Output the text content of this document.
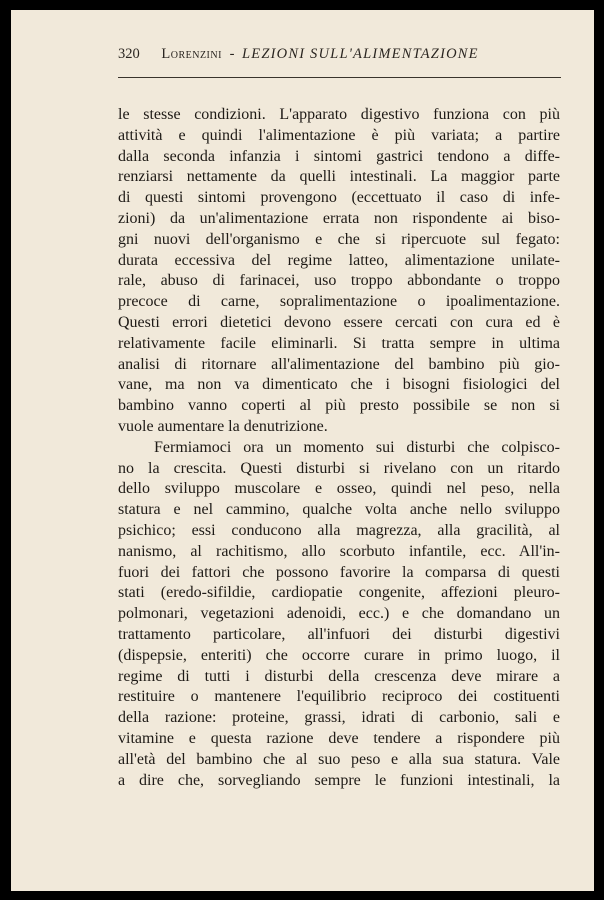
320 Lorenzini - LEZIONI SULL'ALIMENTAZIONE
le stesse condizioni. L'apparato digestivo funziona con più
attività e quindi l'alimentazione è più variata; a partire
dalla seconda infanzia i sintomi gastrici tendono a diffe-
renziarsi nettamente da quelli intestinali. La maggior parte
di questi sintomi provengono (eccettuato il caso di infe-
zioni) da un'alimentazione errata non rispondente ai biso-
gni nuovi dell'organismo e che si ripercuote sul fegato:
durata eccessiva del regime latteo, alimentazione unilate-
rale, abuso di farinacei, uso troppo abbondante o troppo
precoce di carne, sopralimentazione o ipoalimentazione.
Questi errori dietetici devono essere cercati con cura ed è
relativamente facile eliminarli. Si tratta sempre in ultima
analisi di ritornare all'alimentazione del bambino più gio-
vane, ma non va dimenticato che i bisogni fisiologici del
bambino vanno coperti al più presto possibile se non si
vuole aumentare la denutrizione.
Fermiamoci ora un momento sui disturbi che colpisco-
no la crescita. Questi disturbi si rivelano con un ritardo
dello sviluppo muscolare e osseo, quindi nel peso, nella
statura e nel cammino, qualche volta anche nello sviluppo
psichico; essi conducono alla magrezza, alla gracilità, al
nanismo, al rachitismo, allo scorbuto infantile, ecc. All'in-
fuori dei fattori che possono favorire la comparsa di questi
stati (eredo-sifildie, cardiopatie congenite, affezioni pleuro-
polmonari, vegetazioni adenoidi, ecc.) e che domandano un
trattamento particolare, all'infuori dei disturbi digestivi
(dispepsie, enteriti) che occorre curare in primo luogo, il
regime di tutti i disturbi della crescenza deve mirare a
restituire o mantenere l'equilibrio reciproco dei costituenti
della razione: proteine, grassi, idrati di carbonio, sali e
vitamine e questa razione deve tendere a rispondere più
all'età del bambino che al suo peso e alla sua statura. Vale
a dire che, sorvegliando sempre le funzioni intestinali, la
